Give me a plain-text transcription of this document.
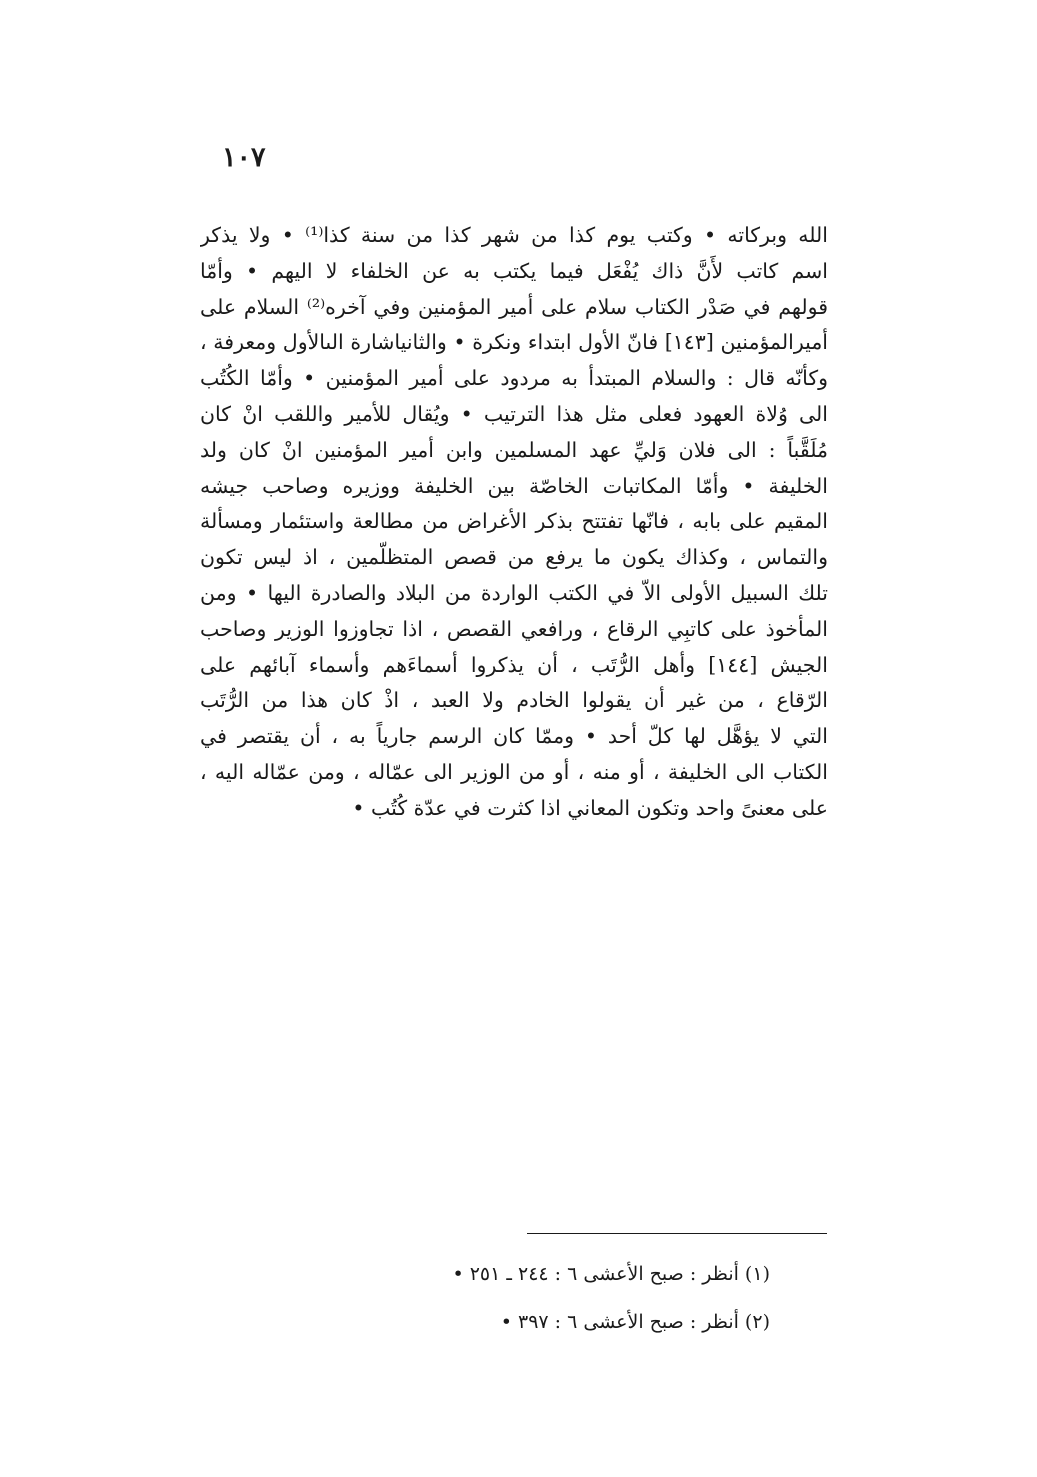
١٠٧
الله وبركاته • وكتب يوم كذا من شهر كذا من سنة كذا⁽¹⁾ • ولا يذكر
اسم كاتب لأَنَّ ذاك يُفْعَل فيما يكتب به عن الخلفاء لا اليهم • وأمّا
قولهم في صَدْر الكتاب سلام على أمير المؤمنين وفي آخره⁽²⁾ السلام على
أميرالمؤمنين [١٤٣] فانّ الأول ابتداء ونكرة • والثانياشارة الىالأول ومعرفة ،
وكأنّه قال : والسلام المبتدأ به مردود على أمير المؤمنين • وأمّا الكُتُب
الى وُلاة العهود فعلى مثل هذا الترتيب • ويُقال للأمير واللقب انْ كان
مُلَقَّباً : الى فلان وَليِّ عهد المسلمين وابن أمير المؤمنين انْ كان ولد
الخليفة • وأمّا المكاتبات الخاصّة بين الخليفة ووزيره وصاحب جيشه
المقيم على بابه ، فانّها تفتتح بذكر الأغراض من مطالعة واستئمار ومسألة
والتماس ، وكذاك يكون ما يرفع من قصص المتظلّمين ، اذ ليس تكون
تلك السبيل الأولى الاّ في الكتب الواردة من البلاد والصادرة اليها • ومن
المأخوذ على كاتبِي الرقاع ، ورافعي القصص ، اذا تجاوزوا الوزير وصاحب
الجيش [١٤٤] وأهل الرُّتَب ، أن يذكروا أسماءَهم وأسماء آبائهم على
الرّقاع ، من غير أن يقولوا الخادم ولا العبد ، اذْ كان هذا من الرُّتَب
التي لا يؤهَّل لها كلّ أحد • وممّا كان الرسم جارياً به ، أن يقتصر في
الكتاب الى الخليفة ، أو منه ، أو من الوزير الى عمّاله ، ومن عمّاله اليه ،
على معنىً واحد وتكون المعاني اذا كثرت في عدّة كُتُب •
(١) أنظر : صبح الأعشى ٦ : ٢٤٤ ـ ٢٥١ •
(٢) أنظر : صبح الأعشى ٦ : ٣٩٧ •
